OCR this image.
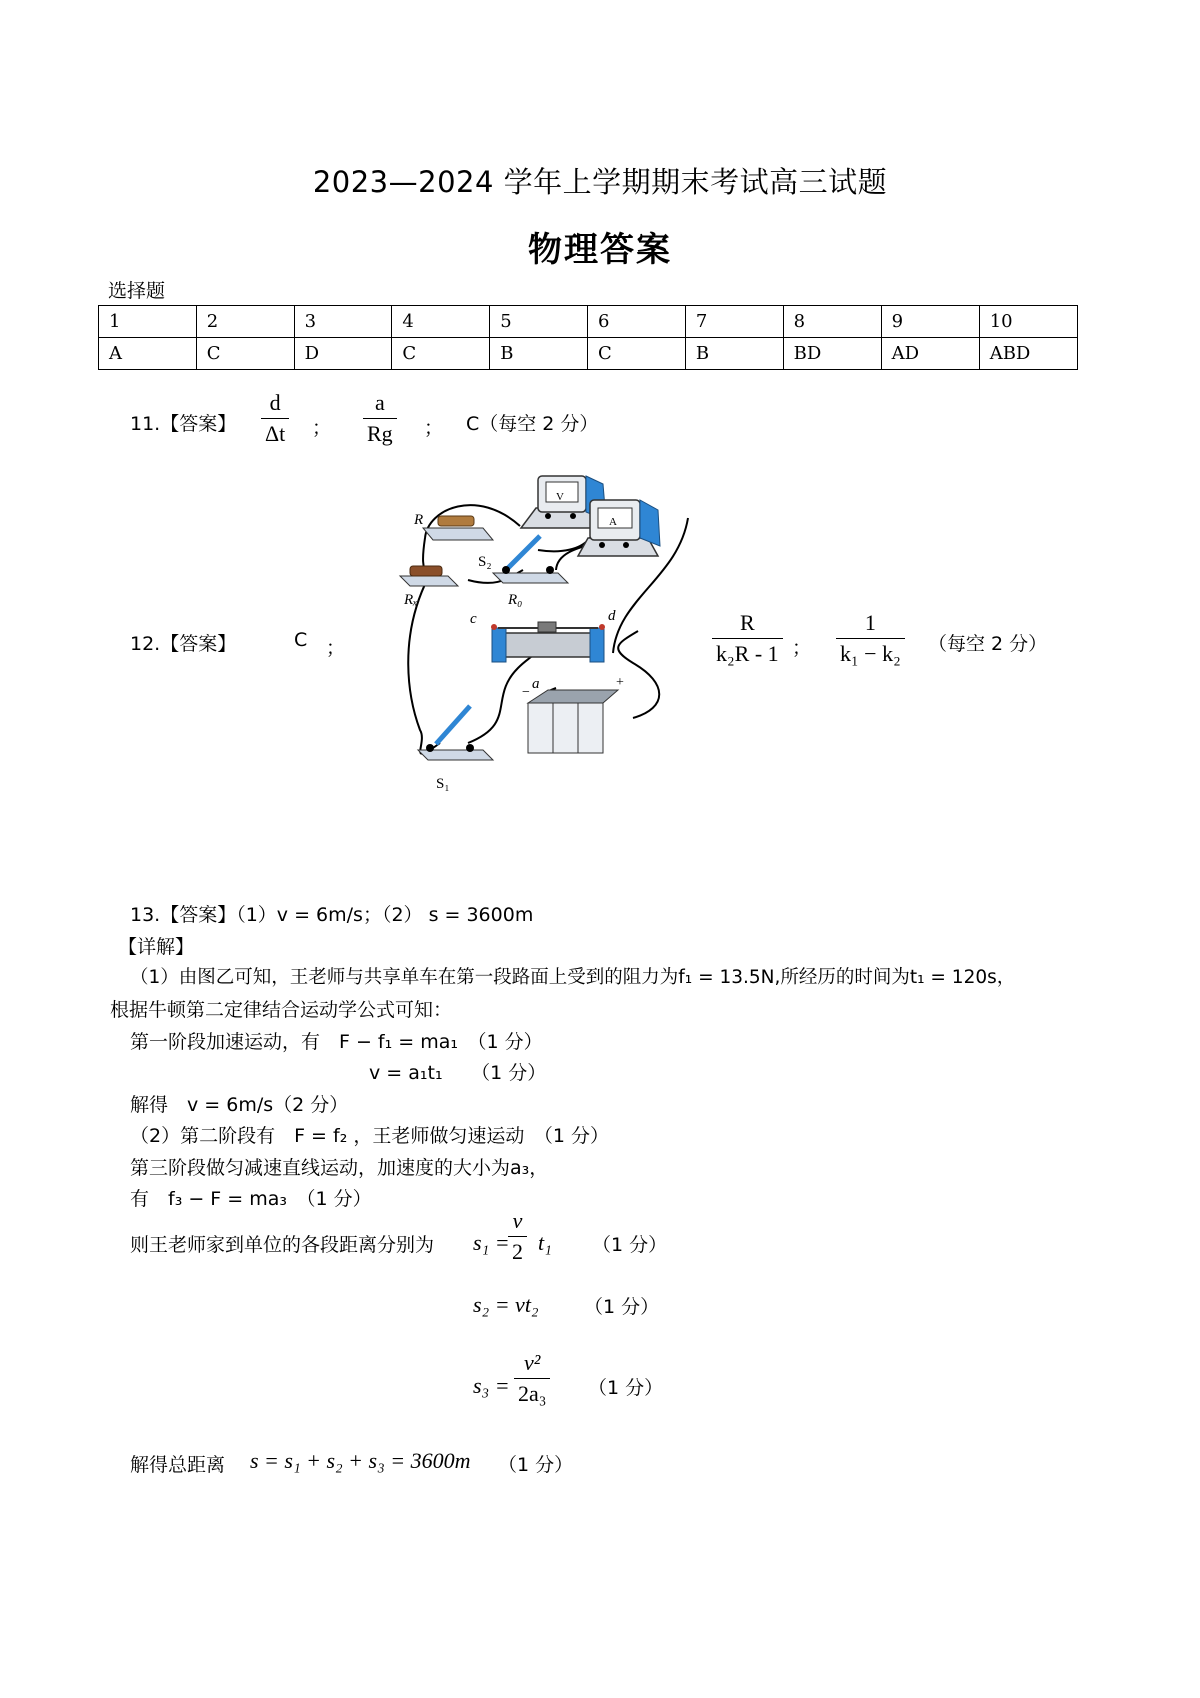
2023—2024 学年上学期期末考试高三试题
物理答案
选择题
1	2	3	4	5	6	7	8	9	10
A	C	D	C	B	C	B	BD	AD	ABD
11.【答案】 $\frac{d}{\Delta t}$ ； $\frac{a}{Rg}$ ； C（每空 2 分）
12.【答案】	C ；
V
A
R
S₂
Rₓ	R₀
c	d
−
+
a
S₁
$\frac{R}{\text{k₂R - 1}}$ ； $\frac{1}{\text{k₁ − k₂}}$ （每空 2 分）
13.【答案】（1）v = 6m/s；（2） s = 3600m
【详解】
（1）由图乙可知，王老师与共享单车在第一段路面上受到的阻力为f₁ = 13.5N,所经历的时间为t₁ = 120s，
根据牛顿第二定律结合运动学公式可知：
第一阶段加速运动，有　F − f₁ = ma₁　（1 分）
v = a₁t₁　　（1 分）
解得　v = 6m/s（2 分）
（2）第二阶段有　F = f₂ ，王老师做匀速运动　（1 分）
第三阶段做匀减速直线运动，加速度的大小为a₃，
有　f₃ − F = ma₃　（1 分）
则王老师家到单位的各段距离分别为 s₁ =
$\frac{v}{2} t_1$ （1 分）
s₂ = vt₂ （1 分）
$s_3 = \frac{\text{v²}}{\text{2a₃}} (1$ 分）
解得总距离 s = s₁ + s₂ + s₃ = 3600m （1 分）
